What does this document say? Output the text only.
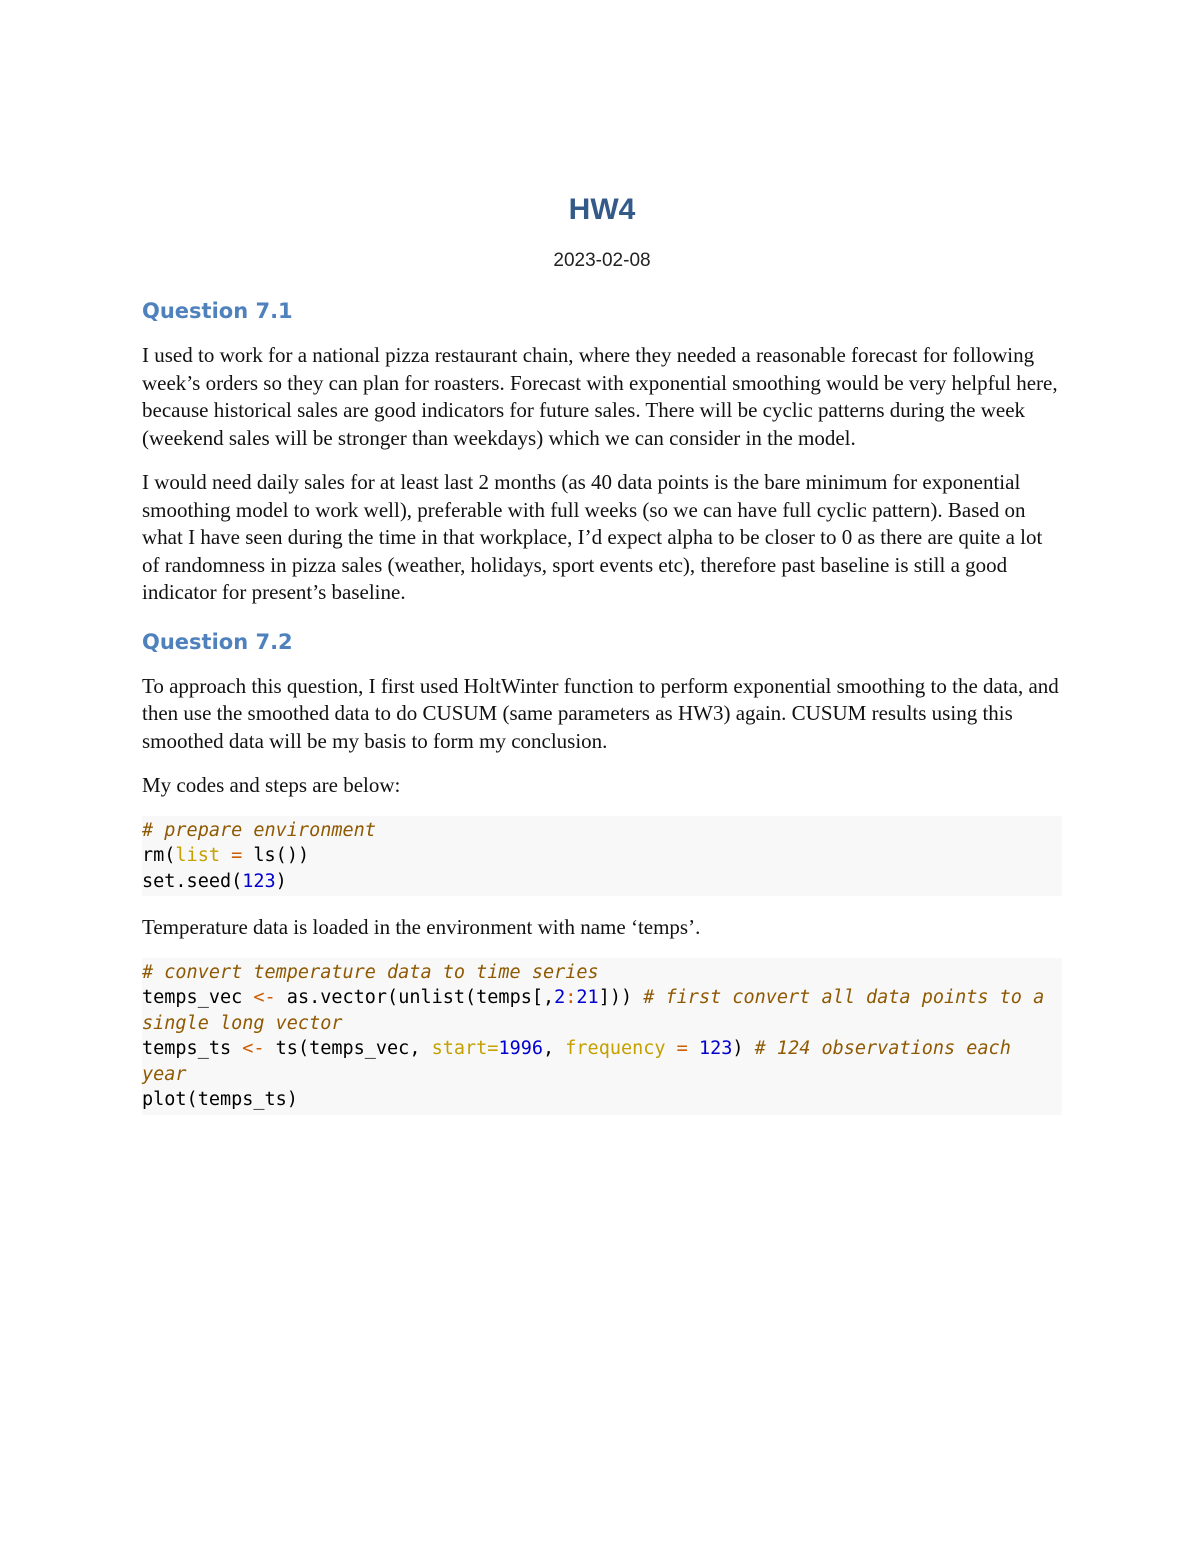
HW4

2023-02-08

Question 7.1

I used to work for a national pizza restaurant chain, where they needed a reasonable forecast for following week’s orders so they can plan for roasters. Forecast with exponential smoothing would be very helpful here, because historical sales are good indicators for future sales. There will be cyclic patterns during the week (weekend sales will be stronger than weekdays) which we can consider in the model.

I would need daily sales for at least last 2 months (as 40 data points is the bare minimum for exponential smoothing model to work well), preferable with full weeks (so we can have full cyclic pattern). Based on what I have seen during the time in that workplace, I’d expect alpha to be closer to 0 as there are quite a lot of randomness in pizza sales (weather, holidays, sport events etc), therefore past baseline is still a good indicator for present’s baseline.

Question 7.2

To approach this question, I first used HoltWinter function to perform exponential smoothing to the data, and then use the smoothed data to do CUSUM (same parameters as HW3) again. CUSUM results using this smoothed data will be my basis to form my conclusion.

My codes and steps are below:

# prepare environment
rm(list = ls())
set.seed(123)

Temperature data is loaded in the environment with name ‘temps’.

# convert temperature data to time series
temps_vec <- as.vector(unlist(temps[,2:21])) # first convert all data points to a single long vector
temps_ts <- ts(temps_vec, start=1996, frequency = 123) # 124 observations each year
plot(temps_ts)
